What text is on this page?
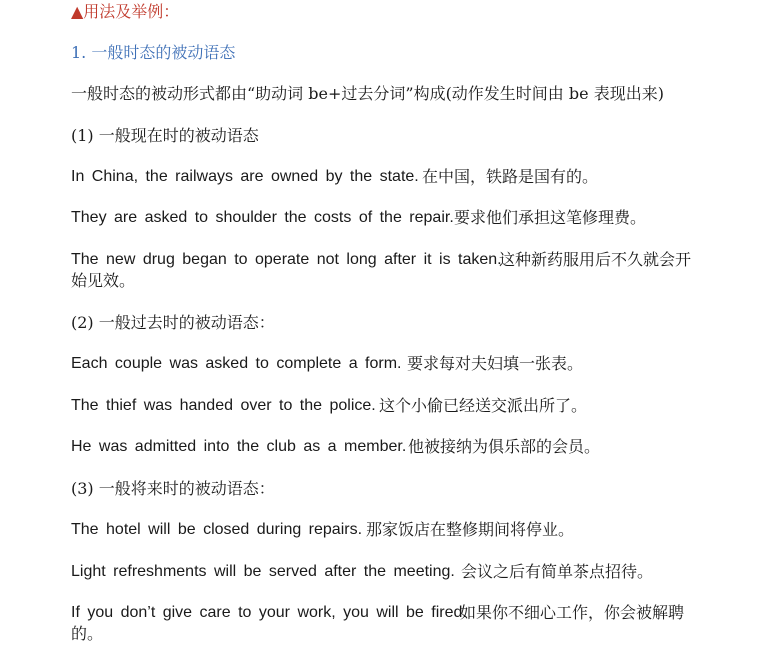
▲用法及举例：
1. 一般时态的被动语态
一般时态的被动形式都由“助动词 be+过去分词”构成(动作发生时间由 be 表现出来)
(1) 一般现在时的被动语态
In China, the railways are owned by the state. 在中国，铁路是国有的。
They are asked to shoulder the costs of the repair. 要求他们承担这笔修理费。
The new drug began to operate not long after it is taken.
这种新药服用后不久就会开
(2) 一般过去时的被动语态：
Each couple was asked to complete a form. 要求每对夫妇填一张表。
The thief was handed over to the police. 这个小偷已经送交派出所了。
He was admitted into the club as a member. 他被接纳为俱乐部的会员。
(3) 一般将来时的被动语态：
The hotel will be closed during repairs. 那家饭店在整修期间将停业。
Light refreshments will be served after the meeting. 会议之后有简单茶点招待。
If you don’t give care to your work, you will be fired.
如果你不细心工作，你会被解聘
始见效。
的。
